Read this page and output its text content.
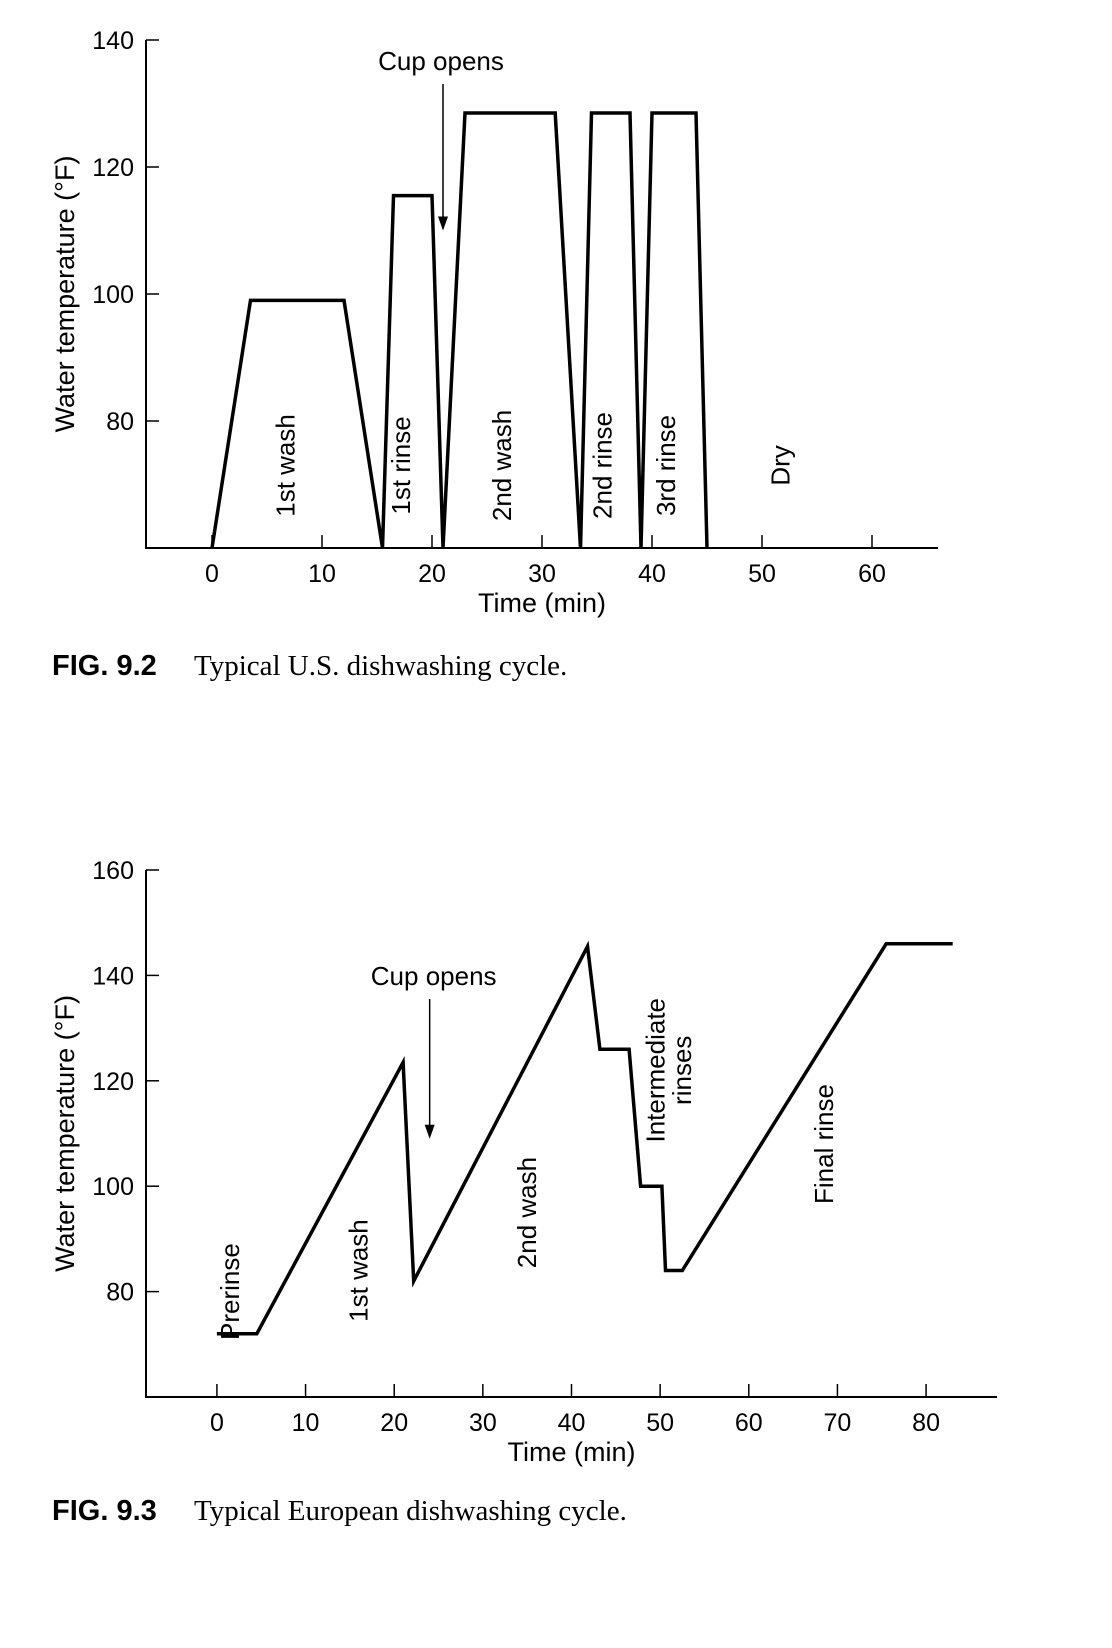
80
100
120
140
0	10	20	30	40	50	60
Time (min)
Water temperature (°F)
Cup opens
1st wash	1st rinse	2nd wash	2nd rinse 3rd rinse	Dry
FIG. 9.2 Typical U.S. dishwashing cycle.
80
100
120
140
160
0	10 20 30 40 50 60 70 80
Time (min)
Water temperature (°F)
Cup opens
Prerinse	1st wash
2nd wash
Intermediate
rinses
Final rinse
FIG. 9.3 Typical European dishwashing cycle.
